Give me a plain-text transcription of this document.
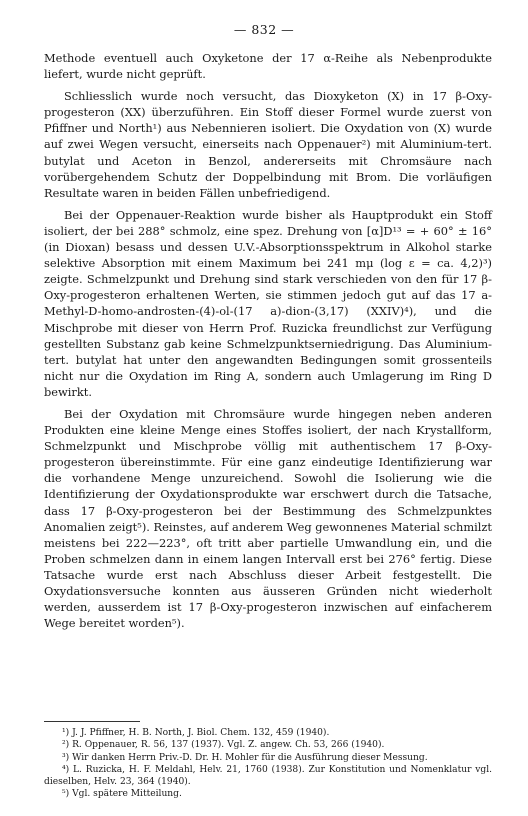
— 832 —

Methode eventuell auch Oxyketone der 17 α-Reihe als Nebenprodukte liefert, wurde nicht geprüft.

Schliesslich wurde noch versucht, das Dioxyketon (X) in 17 β-Oxy-progesteron (XX) überzuführen. Ein Stoff dieser Formel wurde zuerst von Pfiffner und North¹) aus Nebennieren isoliert. Die Oxydation von (X) wurde auf zwei Wegen versucht, einerseits nach Oppenauer²) mit Aluminium-tert. butylat und Aceton in Benzol, andererseits mit Chromsäure nach vorübergehendem Schutz der Doppelbindung mit Brom. Die vorläufigen Resultate waren in beiden Fällen unbefriedigend.

Bei der Oppenauer-Reaktion wurde bisher als Hauptprodukt ein Stoff isoliert, der bei 288° schmolz, eine spez. Drehung von [α]D¹³ = + 60° ± 16° (in Dioxan) besass und dessen U.V.-Absorptionsspektrum in Alkohol starke selektive Absorption mit einem Maximum bei 241 mμ (log ε = ca. 4,2)³) zeigte. Schmelzpunkt und Drehung sind stark verschieden von den für 17 β-Oxy-progesteron erhaltenen Werten, sie stimmen jedoch gut auf das 17 a-Methyl-D-homo-androsten-(4)-ol-(17 a)-dion-(3,17) (XXIV)⁴), und die Mischprobe mit dieser von Herrn Prof. Ruzicka freundlichst zur Verfügung gestellten Substanz gab keine Schmelzpunktserniedrigung. Das Aluminium-tert. butylat hat unter den angewandten Bedingungen somit grossenteils nicht nur die Oxydation im Ring A, sondern auch Umlagerung im Ring D bewirkt.

Bei der Oxydation mit Chromsäure wurde hingegen neben anderen Produkten eine kleine Menge eines Stoffes isoliert, der nach Krystallform, Schmelzpunkt und Mischprobe völlig mit authentischem 17 β-Oxy-progesteron übereinstimmte. Für eine ganz eindeutige Identifizierung war die vorhandene Menge unzureichend. Sowohl die Isolierung wie die Identifizierung der Oxydationsprodukte war erschwert durch die Tatsache, dass 17 β-Oxy-progesteron bei der Bestimmung des Schmelzpunktes Anomalien zeigt⁵). Reinstes, auf anderem Weg gewonnenes Material schmilzt meistens bei 222—223°, oft tritt aber partielle Umwandlung ein, und die Proben schmelzen dann in einem langen Intervall erst bei 276° fertig. Diese Tatsache wurde erst nach Abschluss dieser Arbeit festgestellt. Die Oxydationsversuche konnten aus äusseren Gründen nicht wiederholt werden, ausserdem ist 17 β-Oxy-progesteron inzwischen auf einfacherem Wege bereitet worden⁵).

¹) J. J. Pfiffner, H. B. North, J. Biol. Chem. 132, 459 (1940).

²) R. Oppenauer, R. 56, 137 (1937). Vgl. Z. angew. Ch. 53, 266 (1940).

³) Wir danken Herrn Priv.-D. Dr. H. Mohler für die Ausführung dieser Messung.

⁴) L. Ruzicka, H. F. Meldahl, Helv. 21, 1760 (1938). Zur Konstitution und Nomenklatur vgl. dieselben, Helv. 23, 364 (1940).

⁵) Vgl. spätere Mitteilung.
